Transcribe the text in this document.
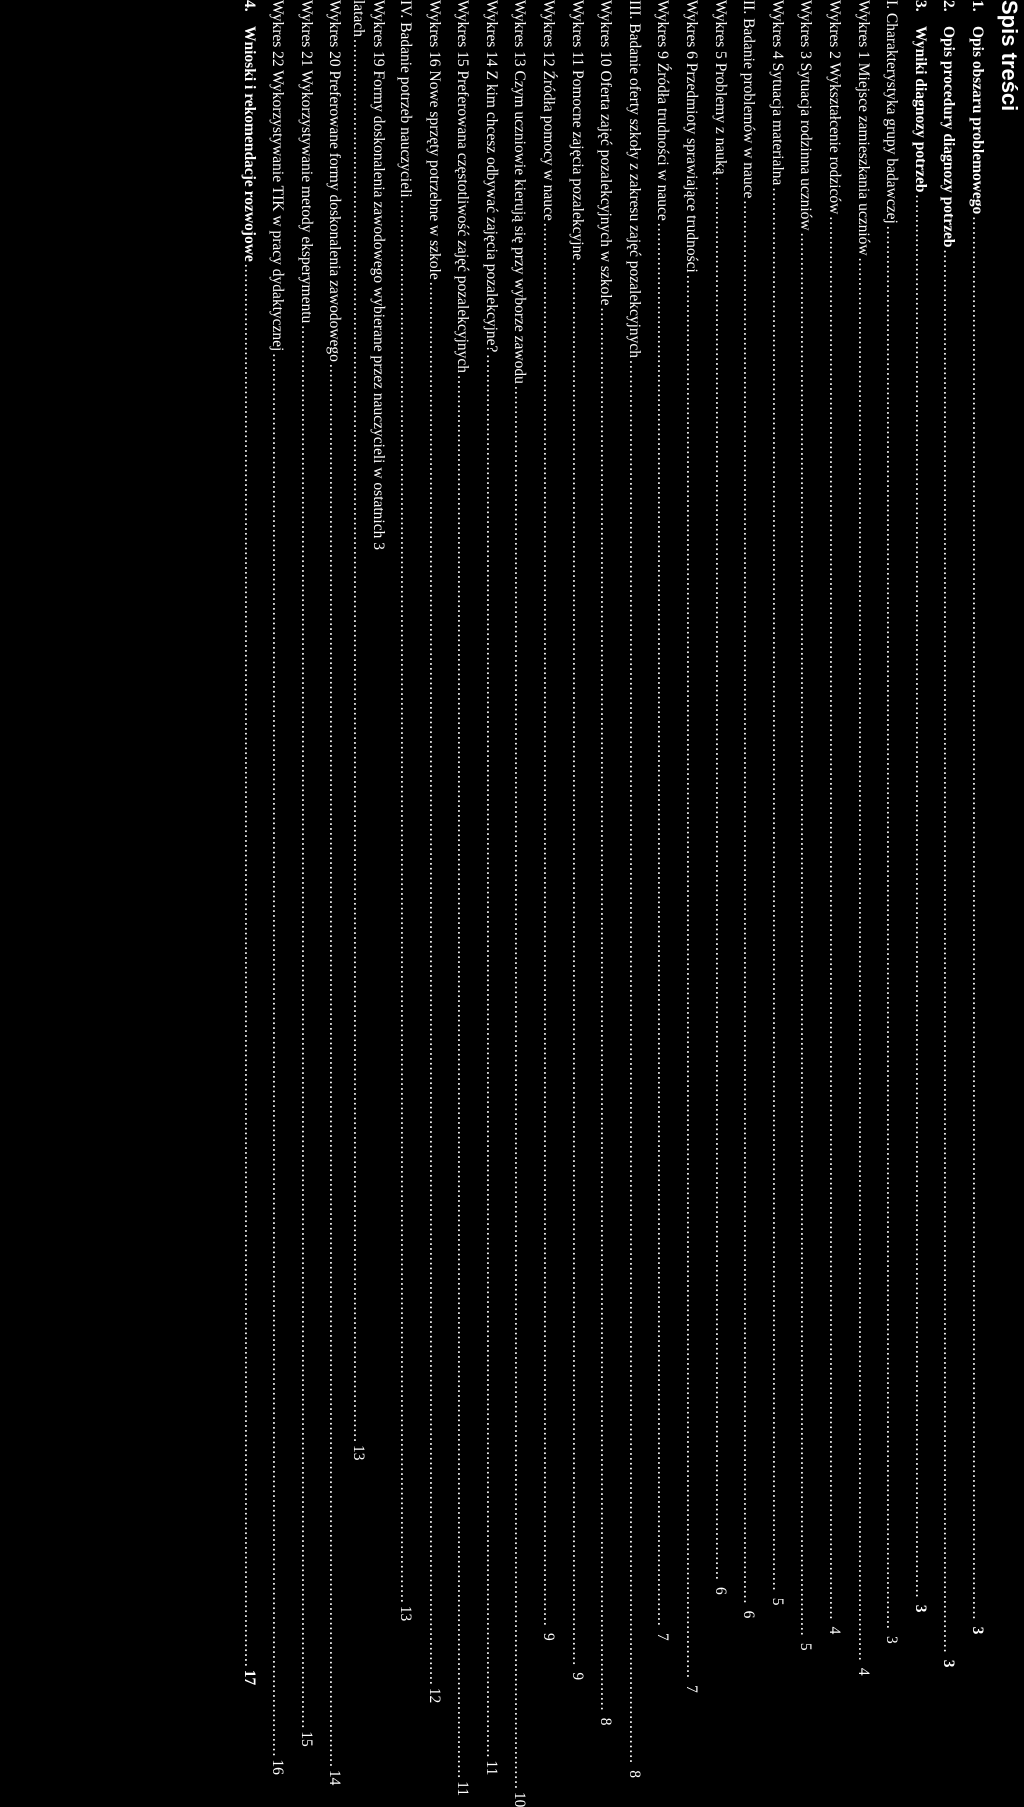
Spis treści
1.
Opis obszaru problemowego
.....
3
2.
Opis procedury diagnozy potrzeb
.....
3
3.
Wyniki diagnozy potrzeb
.....
3
I. Charakterystyka grupy badawczej
.....
3
Wykres 1 Miejsce zamieszkania uczniów
.....
4
Wykres 2 Wykształcenie rodziców
.....
4
Wykres 3 Sytuacja rodzinna uczniów
.....
5
Wykres 4 Sytuacja materialna
.....
5
II. Badanie problemów w nauce
.....
6
Wykres 5 Problemy z nauką
.....
6
Wykres 6 Przedmioty sprawiające trudności
.....
7
Wykres 9 Źródła trudności w nauce
.....
7
III. Badanie oferty szkoły z zakresu zajęć pozalekcyjnych
.....
8
Wykres 10 Oferta zajęć pozalekcyjnych w szkole
.....
8
Wykres 11 Pomocne zajęcia pozalekcyjne
.....
9
Wykres 12 Źródła pomocy w nauce
.....
9
Wykres 13 Czym uczniowie kierują się przy wyborze zawodu
.....
10
Wykres 14 Z kim chcesz odbywać zajęcia pozalekcyjne?
.....
11
Wykres 15 Preferowana częstotliwość zajęć pozalekcyjnych
.....
11
Wykres 16 Nowe sprzęty potrzebne w szkole
.....
12
IV. Badanie potrzeb nauczycieli
.....
13
Wykres 19 Formy doskonalenia zawodowego wybierane przez nauczycieli w ostatnich 3
latach
.....
13
Wykres 20 Preferowane formy doskonalenia zawodowego
.....
14
Wykres 21 Wykorzystywanie metody eksperymentu
.....
15
Wykres 22 Wykorzystywanie TIK w pracy dydaktycznej
.....
16
4.
Wnioski i rekomendacje rozwojowe
.....
17
